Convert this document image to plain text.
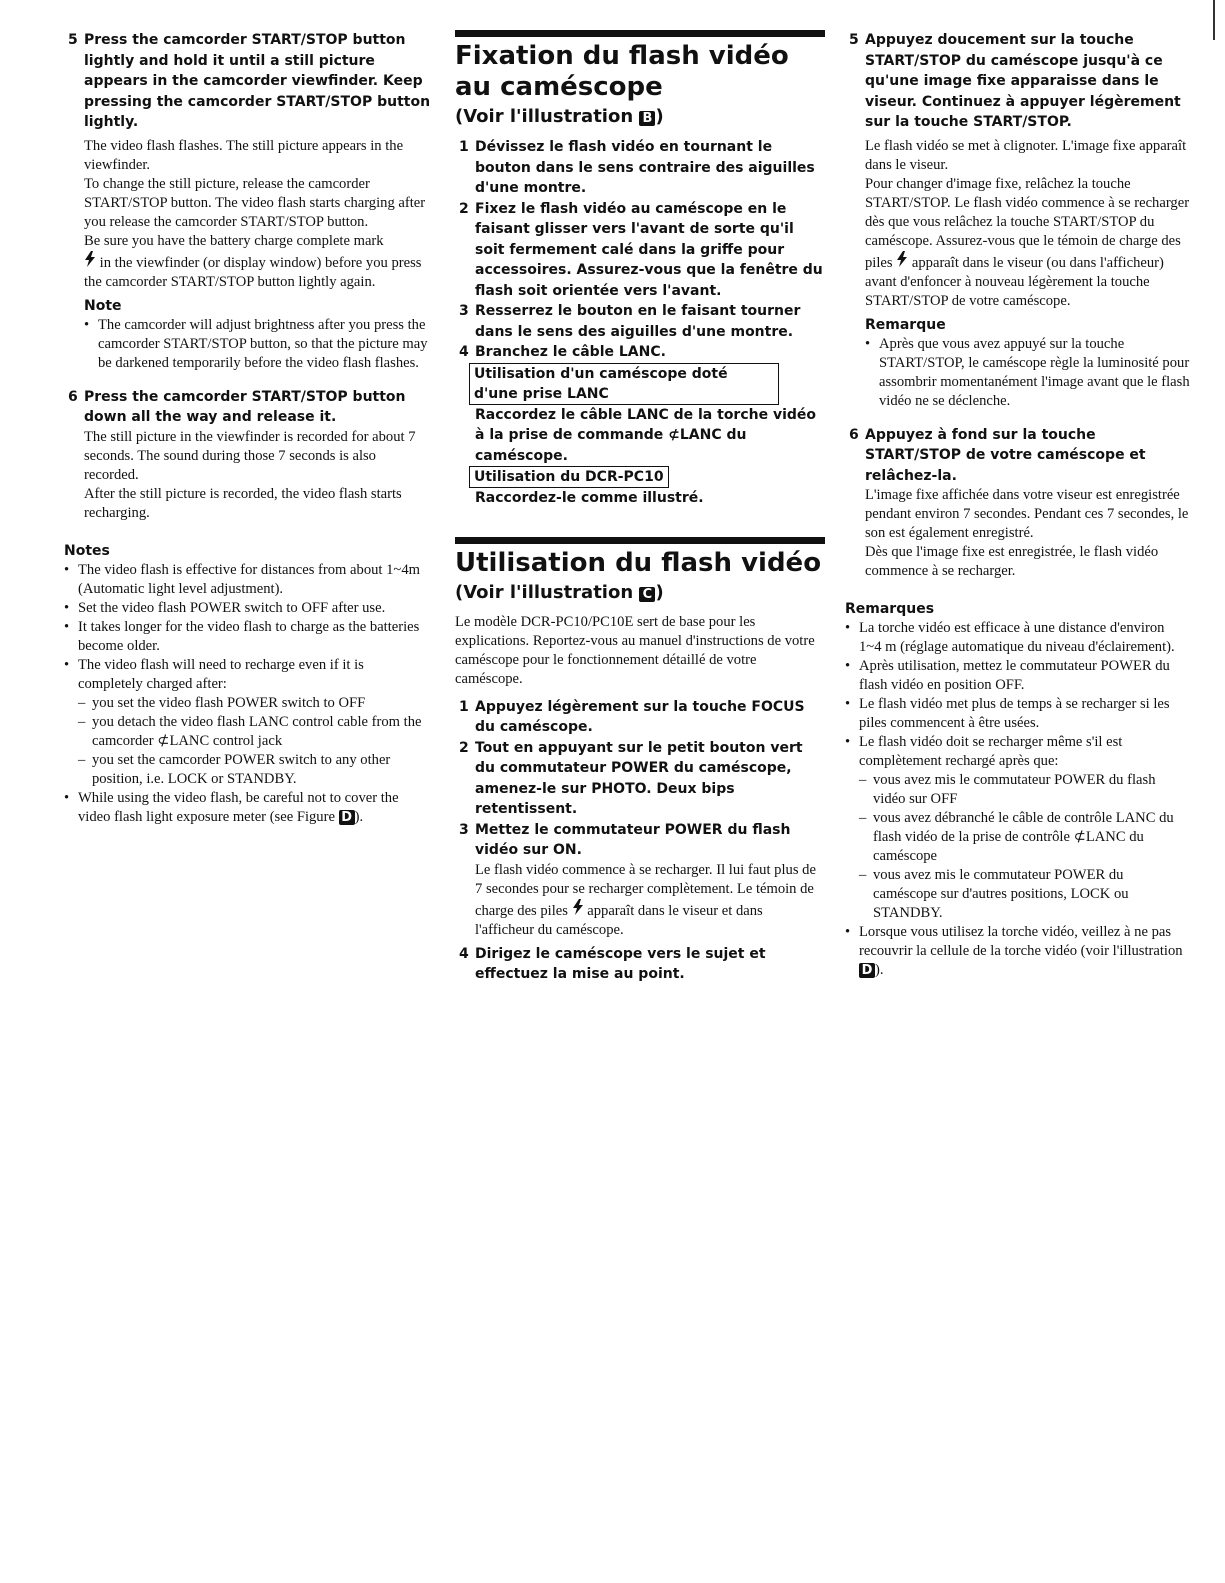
5 Press the camcorder START/STOP button lightly and hold it until a still picture appears in the camcorder viewfinder. Keep pressing the camcorder START/STOP button lightly.

The video flash flashes. The still picture appears in the viewfinder.

To change the still picture, release the camcorder START/STOP button. The video flash starts charging after you release the camcorder START/STOP button.

Be sure you have the battery charge complete mark
in the viewfinder (or display window) before you press the camcorder START/STOP button lightly again.

Note

• The camcorder will adjust brightness after you press the camcorder START/STOP button, so that the picture may be darkened temporarily before the video flash flashes.

6 Press the camcorder START/STOP button down all the way and release it.

The still picture in the viewfinder is recorded for about 7 seconds. The sound during those 7 seconds is also recorded.

After the still picture is recorded, the video flash starts recharging.

Notes

• The video flash is effective for distances from about 1~4m (Automatic light level adjustment).
• Set the video flash POWER switch to OFF after use.
• It takes longer for the video flash to charge as the batteries become older.
• The video flash will need to recharge even if it is completely charged after:
– you set the video flash POWER switch to OFF
– you detach the video flash LANC control cable from the camcorder ⊄LANC control jack
– you set the camcorder POWER switch to any other position, i.e. LOCK or STANDBY.
• While using the video flash, be careful not to cover the video flash light exposure meter (see Figure D ).
Fixation du flash vidéo au caméscope
(Voir l'illustration B )

1 Dévissez le flash vidéo en tournant le bouton dans le sens contraire des aiguilles d'une montre.

2 Fixez le flash vidéo au caméscope en le faisant glisser vers l'avant de sorte qu'il soit fermement calé dans la griffe pour accessoires. Assurez-vous que la fenêtre du flash soit orientée vers l'avant.

3 Resserrez le bouton en le faisant tourner dans le sens des aiguilles d'une montre.

4 Branchez le câble LANC.

Utilisation d'un caméscope doté d'une prise LANC

Raccordez le câble LANC de la torche vidéo à la prise de commande ⊄LANC du caméscope.

Utilisation du DCR-PC10

Raccordez-le comme illustré.

Utilisation du flash vidéo
(Voir l'illustration C )

Le modèle DCR-PC10/PC10E sert de base pour les explications. Reportez-vous au manuel d'instructions de votre caméscope pour le fonctionnement détaillé de votre caméscope.

1 Appuyez légèrement sur la touche FOCUS du caméscope.

2 Tout en appuyant sur le petit bouton vert du commutateur POWER du caméscope, amenez-le sur PHOTO. Deux bips retentissent.

3 Mettez le commutateur POWER du flash vidéo sur ON.

Le flash vidéo commence à se recharger. Il lui faut plus de 7 secondes pour se recharger complètement. Le témoin de charge des piles apparaît dans le viseur et dans l'afficheur du caméscope.

4 Dirigez le caméscope vers le sujet et effectuez la mise au point.

5 Appuyez doucement sur la touche START/STOP du caméscope jusqu'à ce qu'une image fixe apparaisse dans le viseur. Continuez à appuyer légèrement sur la touche START/STOP.

Le flash vidéo se met à clignoter. L'image fixe apparaît dans le viseur.

Pour changer d'image fixe, relâchez la touche START/STOP. Le flash vidéo commence à se recharger dès que vous relâchez la touche START/STOP du caméscope. Assurez-vous que le témoin de charge des piles apparaît dans le viseur (ou dans l'afficheur) avant d'enfoncer à nouveau légèrement la touche START/STOP de votre caméscope.

Remarque

• Après que vous avez appuyé sur la touche START/STOP, le caméscope règle la luminosité pour assombrir momentanément l'image avant que le flash vidéo ne se déclenche.

6 Appuyez à fond sur la touche START/STOP de votre caméscope et relâchez-la.

L'image fixe affichée dans votre viseur est enregistrée pendant environ 7 secondes. Pendant ces 7 secondes, le son est également enregistré.

Dès que l'image fixe est enregistrée, le flash vidéo commence à se recharger.

Remarques

• La torche vidéo est efficace à une distance d'environ 1~4 m (réglage automatique du niveau d'éclairement).
• Après utilisation, mettez le commutateur POWER du flash vidéo en position OFF.
• Le flash vidéo met plus de temps à se recharger si les piles commencent à être usées.
• Le flash vidéo doit se recharger même s'il est complètement rechargé après que:
– vous avez mis le commutateur POWER du flash vidéo sur OFF
– vous avez débranché le câble de contrôle LANC du flash vidéo de la prise de contrôle ⊄LANC du caméscope
– vous avez mis le commutateur POWER du caméscope sur d'autres positions, LOCK ou STANDBY.
• Lorsque vous utilisez la torche vidéo, veillez à ne pas recouvrir la cellule de la torche vidéo (voir l'illustration D ).
